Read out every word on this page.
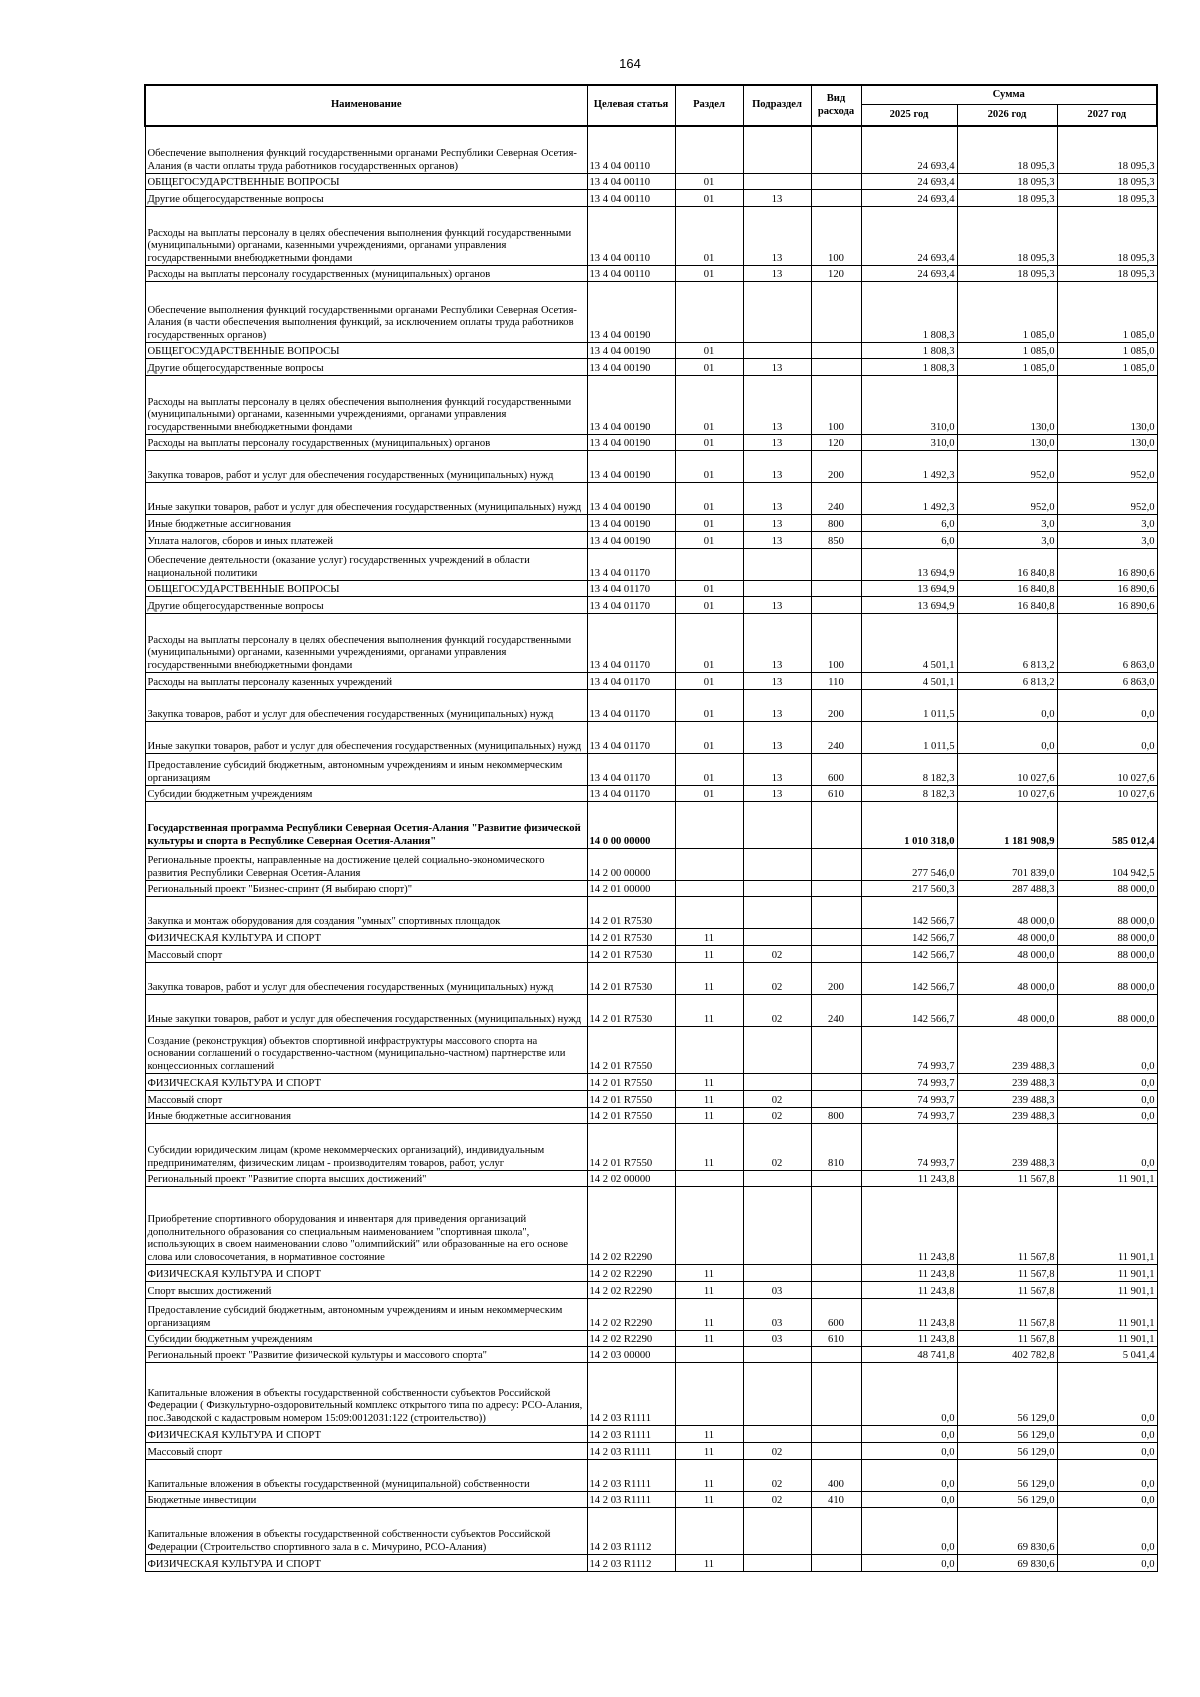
164
Наименование	Целевая статья	Раздел	Подраздел	Вид расхода	Сумма		
					2025 год	2026 год	2027 год
Обеспечение выполнения функций государственными органами Республики Северная Осетия-Алания (в части оплаты труда работников государственных органов)	13 4 04 00110				24 693,4	18 095,3	18 095,3
ОБЩЕГОСУДАРСТВЕННЫЕ ВОПРОСЫ	13 4 04 00110	01			24 693,4	18 095,3	18 095,3
Другие общегосударственные вопросы	13 4 04 00110	01	13		24 693,4	18 095,3	18 095,3
Расходы на выплаты персоналу в целях обеспечения выполнения функций государственными (муниципальными) органами, казенными учреждениями, органами управления государственными внебюджетными фондами	13 4 04 00110	01	13	100	24 693,4	18 095,3	18 095,3
Расходы на выплаты персоналу государственных (муниципальных) органов	13 4 04 00110	01	13	120	24 693,4	18 095,3	18 095,3
Обеспечение выполнения функций государственными органами Республики Северная Осетия-Алания (в части обеспечения выполнения функций, за исключением оплаты труда работников государственных органов)	13 4 04 00190				1 808,3	1 085,0	1 085,0
ОБЩЕГОСУДАРСТВЕННЫЕ ВОПРОСЫ	13 4 04 00190	01			1 808,3	1 085,0	1 085,0
Другие общегосударственные вопросы	13 4 04 00190	01	13		1 808,3	1 085,0	1 085,0
Расходы на выплаты персоналу в целях обеспечения выполнения функций государственными (муниципальными) органами, казенными учреждениями, органами управления государственными внебюджетными фондами	13 4 04 00190	01	13	100	310,0	130,0	130,0
Расходы на выплаты персоналу государственных (муниципальных) органов	13 4 04 00190	01	13	120	310,0	130,0	130,0
Закупка товаров, работ и услуг для обеспечения государственных (муниципальных) нужд	13 4 04 00190	01	13	200	1 492,3	952,0	952,0
Иные закупки товаров, работ и услуг для обеспечения государственных (муниципальных) нужд	13 4 04 00190	01	13	240	1 492,3	952,0	952,0
Иные бюджетные ассигнования	13 4 04 00190	01	13	800	6,0	3,0	3,0
Уплата налогов, сборов и иных платежей	13 4 04 00190	01	13	850	6,0	3,0	3,0
Обеспечение деятельности (оказание услуг) государственных учреждений в области национальной политики	13 4 04 01170				13 694,9	16 840,8	16 890,6
ОБЩЕГОСУДАРСТВЕННЫЕ ВОПРОСЫ	13 4 04 01170	01			13 694,9	16 840,8	16 890,6
Другие общегосударственные вопросы	13 4 04 01170	01	13		13 694,9	16 840,8	16 890,6
Расходы на выплаты персоналу в целях обеспечения выполнения функций государственными (муниципальными) органами, казенными учреждениями, органами управления государственными внебюджетными фондами	13 4 04 01170	01	13	100	4 501,1	6 813,2	6 863,0
Расходы на выплаты персоналу казенных учреждений	13 4 04 01170	01	13	110	4 501,1	6 813,2	6 863,0
Закупка товаров, работ и услуг для обеспечения государственных (муниципальных) нужд	13 4 04 01170	01	13	200	1 011,5	0,0	0,0
Иные закупки товаров, работ и услуг для обеспечения государственных (муниципальных) нужд	13 4 04 01170	01	13	240	1 011,5	0,0	0,0
Предоставление субсидий бюджетным, автономным учреждениям и иным некоммерческим организациям	13 4 04 01170	01	13	600	8 182,3	10 027,6	10 027,6
Субсидии бюджетным учреждениям	13 4 04 01170	01	13	610	8 182,3	10 027,6	10 027,6
Государственная программа Республики Северная Осетия-Алания "Развитие физической культуры и спорта в Республике Северная Осетия-Алания"	14 0 00 00000				1 010 318,0	1 181 908,9	585 012,4
Региональные проекты, направленные на достижение целей социально-экономического развития Республики Северная Осетия-Алания	14 2 00 00000				277 546,0	701 839,0	104 942,5
Региональный проект "Бизнес-спринт (Я выбираю спорт)"	14 2 01 00000				217 560,3	287 488,3	88 000,0
Закупка и монтаж оборудования для создания "умных" спортивных площадок	14 2 01 R7530				142 566,7	48 000,0	88 000,0
ФИЗИЧЕСКАЯ КУЛЬТУРА И СПОРТ	14 2 01 R7530	11			142 566,7	48 000,0	88 000,0
Массовый спорт	14 2 01 R7530	11	02		142 566,7	48 000,0	88 000,0
Закупка товаров, работ и услуг для обеспечения государственных (муниципальных) нужд	14 2 01 R7530	11	02	200	142 566,7	48 000,0	88 000,0
Иные закупки товаров, работ и услуг для обеспечения государственных (муниципальных) нужд	14 2 01 R7530	11	02	240	142 566,7	48 000,0	88 000,0
Создание (реконструкция) объектов спортивной инфраструктуры массового спорта на основании соглашений о государственно-частном (муниципально-частном) партнерстве или концессионных соглашений	14 2 01 R7550				74 993,7	239 488,3	0,0
ФИЗИЧЕСКАЯ КУЛЬТУРА И СПОРТ	14 2 01 R7550	11			74 993,7	239 488,3	0,0
Массовый спорт	14 2 01 R7550	11	02		74 993,7	239 488,3	0,0
Иные бюджетные ассигнования	14 2 01 R7550	11	02	800	74 993,7	239 488,3	0,0
Субсидии юридическим лицам (кроме некоммерческих организаций), индивидуальным предпринимателям, физическим лицам - производителям товаров, работ, услуг	14 2 01 R7550	11	02	810	74 993,7	239 488,3	0,0
Региональный проект "Развитие спорта высших достижений"	14 2 02 00000				11 243,8	11 567,8	11 901,1
Приобретение спортивного оборудования и инвентаря для приведения организаций дополнительного образования со специальным наименованием "спортивная школа", использующих в своем наименовании слово "олимпийский" или образованные на его основе слова или словосочетания, в нормативное состояние	14 2 02 R2290				11 243,8	11 567,8	11 901,1
ФИЗИЧЕСКАЯ КУЛЬТУРА И СПОРТ	14 2 02 R2290	11			11 243,8	11 567,8	11 901,1
Спорт высших достижений	14 2 02 R2290	11	03		11 243,8	11 567,8	11 901,1
Предоставление субсидий бюджетным, автономным учреждениям и иным некоммерческим организациям	14 2 02 R2290	11	03	600	11 243,8	11 567,8	11 901,1
Субсидии бюджетным учреждениям	14 2 02 R2290	11	03	610	11 243,8	11 567,8	11 901,1
Региональный проект "Развитие физической культуры и массового спорта"	14 2 03 00000				48 741,8	402 782,8	5 041,4
Капитальные вложения в объекты государственной собственности субъектов Российской Федерации ( Физкультурно-оздоровительный комплекс открытого типа по адресу: РСО-Алания, пос.Заводской с кадастровым номером 15:09:0012031:122 (строительство))	14 2 03 R1111				0,0	56 129,0	0,0
ФИЗИЧЕСКАЯ КУЛЬТУРА И СПОРТ	14 2 03 R1111	11			0,0	56 129,0	0,0
Массовый спорт	14 2 03 R1111	11	02		0,0	56 129,0	0,0
Капитальные вложения в объекты государственной (муниципальной) собственности	14 2 03 R1111	11	02	400	0,0	56 129,0	0,0
Бюджетные инвестиции	14 2 03 R1111	11	02	410	0,0	56 129,0	0,0
Капитальные вложения в объекты государственной собственности субъектов Российской Федерации (Строительство спортивного зала в с. Мичурино, РСО-Алания)	14 2 03 R1112				0,0	69 830,6	0,0
ФИЗИЧЕСКАЯ КУЛЬТУРА И СПОРТ	14 2 03 R1112	11			0,0	69 830,6	0,0
